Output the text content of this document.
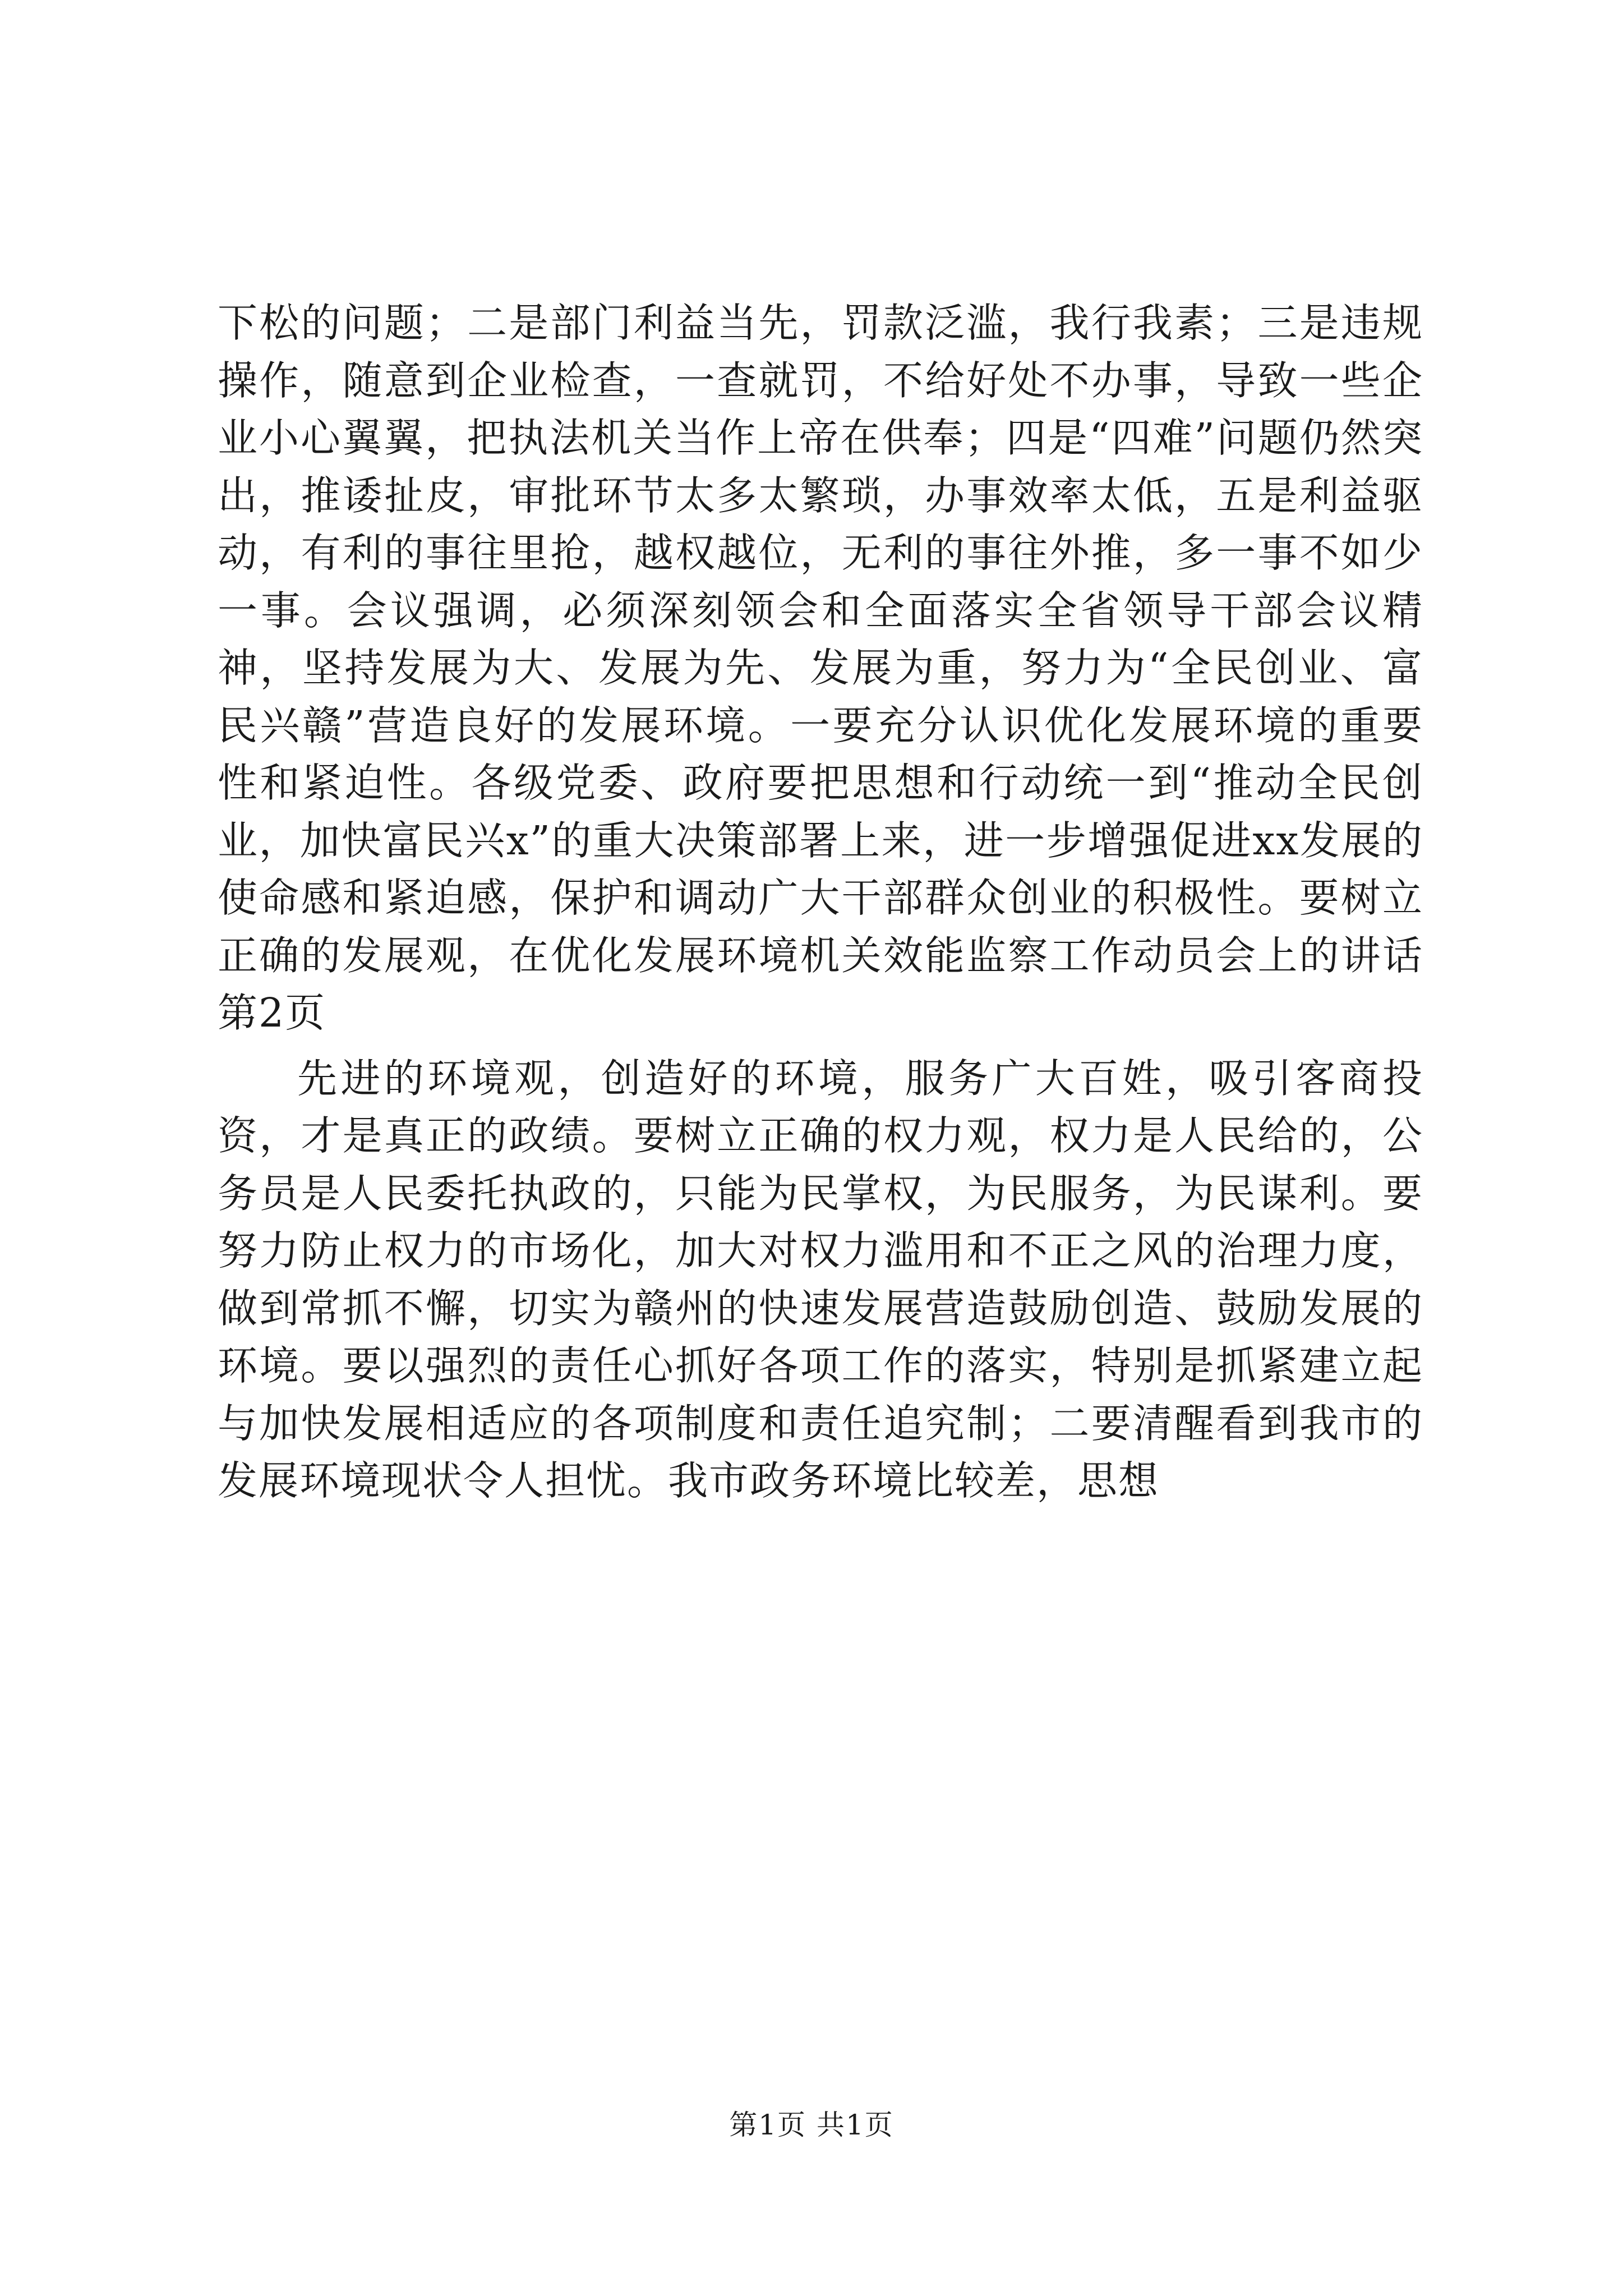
下松的问题；二是部门利益当先，罚款泛滥，我行我素；三是违规操作，随意到企业检查，一查就罚，不给好处不办事，导致一些企业小心翼翼，把执法机关当作上帝在供奉；四是“四难”问题仍然突出，推诿扯皮，审批环节太多太繁琐，办事效率太低，五是利益驱动，有利的事往里抢，越权越位，无利的事往外推，多一事不如少一事。会议强调，必须深刻领会和全面落实全省领导干部会议精神，坚持发展为大、发展为先、发展为重，努力为“全民创业、富民兴赣”营造良好的发展环境。一要充分认识优化发展环境的重要性和紧迫性。各级党委、政府要把思想和行动统一到“推动全民创业，加快富民兴x”的重大决策部署上来，进一步增强促进xx发展的使命感和紧迫感，保护和调动广大干部群众创业的积极性。要树立正确的发展观，在优化发展环境机关效能监察工作动员会上的讲话第2页

先进的环境观，创造好的环境，服务广大百姓，吸引客商投资，才是真正的政绩。要树立正确的权力观，权力是人民给的，公务员是人民委托执政的，只能为民掌权，为民服务，为民谋利。要努力防止权力的市场化，加大对权力滥用和不正之风的治理力度，做到常抓不懈，切实为赣州的快速发展营造鼓励创造、鼓励发展的环境。要以强烈的责任心抓好各项工作的落实，特别是抓紧建立起与加快发展相适应的各项制度和责任追究制；二要清醒看到我市的发展环境现状令人担忧。我市政务环境比较差，思想

第1页 共1页
